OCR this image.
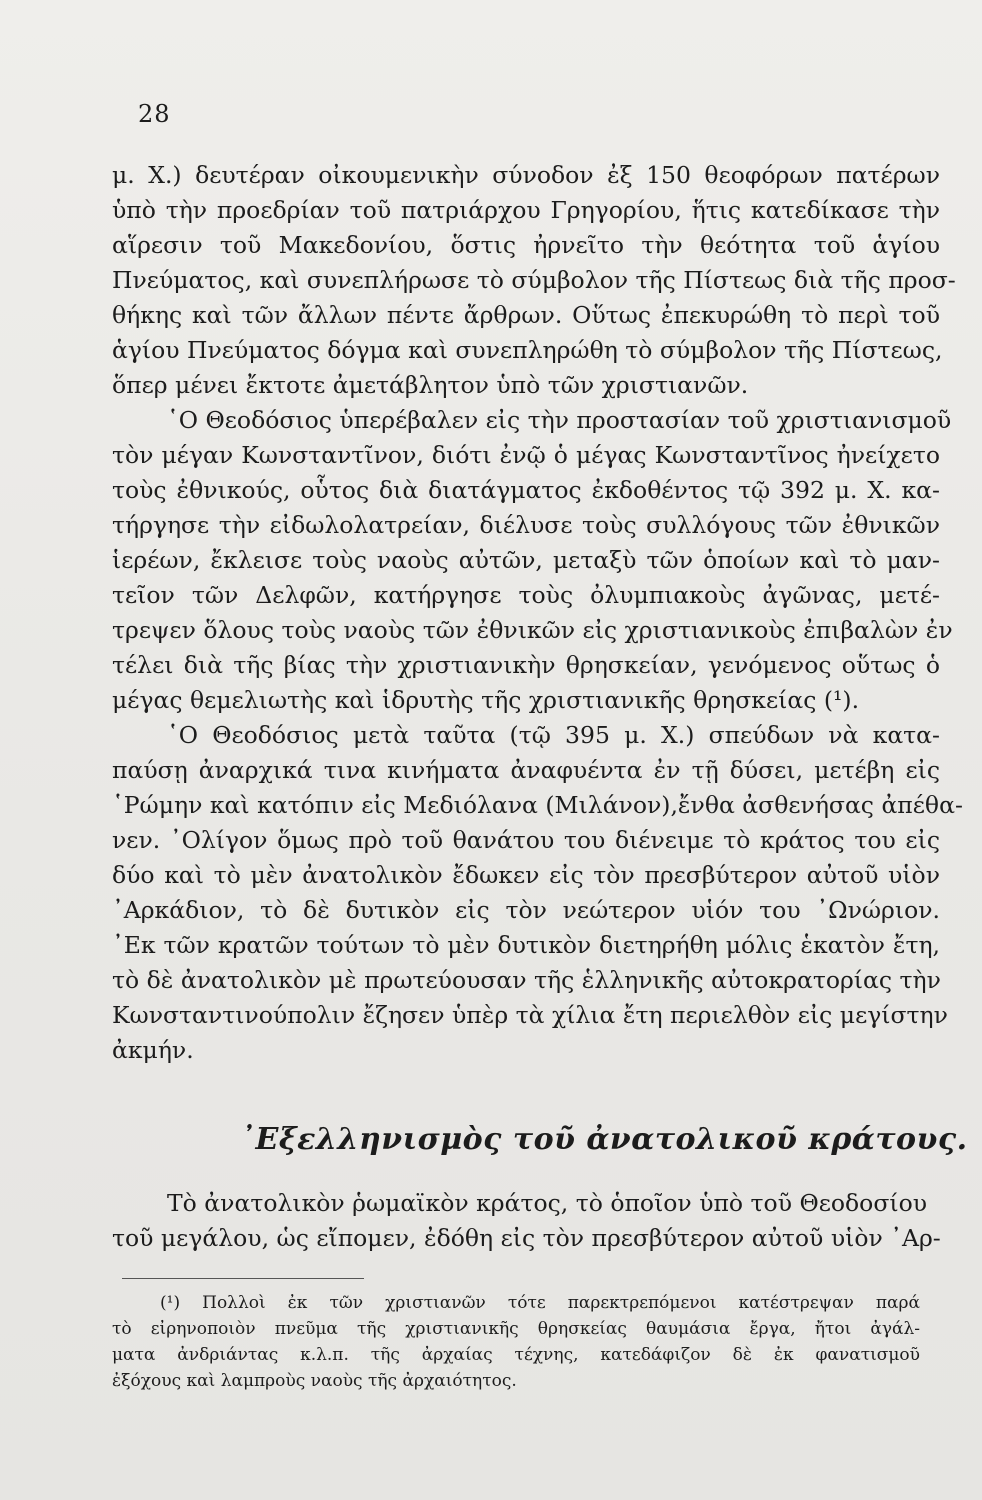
28
μ. Χ.) δευτέραν οἰκουμενικὴν σύνοδον ἐξ 150 θεοφόρων πατέρων
ὑπὸ τὴν προεδρίαν τοῦ πατριάρχου Γρηγορίου, ἥτις κατεδίκασε τὴν
αἵρεσιν τοῦ Μακεδονίου, ὅστις ἠρνεῖτο τὴν θεότητα τοῦ ἁγίου
Πνεύματος, καὶ συνεπλήρωσε τὸ σύμβολον τῆς Πίστεως διὰ τῆς προσ-
θήκης καὶ τῶν ἄλλων πέντε ἄρθρων. Οὕτως ἐπεκυρώθη τὸ περὶ τοῦ
ἁγίου Πνεύματος δόγμα καὶ συνεπληρώθη τὸ σύμβολον τῆς Πίστεως,
ὅπερ μένει ἔκτοτε ἀμετάβλητον ὑπὸ τῶν χριστιανῶν.
῾Ο Θεοδόσιος ὑπερέβαλεν εἰς τὴν προστασίαν τοῦ χριστιανισμοῦ
τὸν μέγαν Κωνσταντῖνον, διότι ἐνῷ ὁ μέγας Κωνσταντῖνος ἠνείχετο
τοὺς ἐθνικούς, οὗτος διὰ διατάγματος ἐκδοθέντος τῷ 392 μ. Χ. κα-
τήργησε τὴν εἰδωλολατρείαν, διέλυσε τοὺς συλλόγους τῶν ἐθνικῶν
ἱερέων, ἔκλεισε τοὺς ναοὺς αὐτῶν, μεταξὺ τῶν ὁποίων καὶ τὸ μαν-
τεῖον τῶν Δελφῶν, κατήργησε τοὺς ὀλυμπιακοὺς ἀγῶνας, μετέ-
τρεψεν ὅλους τοὺς ναοὺς τῶν ἐθνικῶν εἰς χριστιανικοὺς ἐπιβαλὼν ἐν
τέλει διὰ τῆς βίας τὴν χριστιανικὴν θρησκείαν, γενόμενος οὕτως ὁ
μέγας θεμελιωτὴς καὶ ἱδρυτὴς τῆς χριστιανικῆς θρησκείας (¹).
῾Ο Θεοδόσιος μετὰ ταῦτα (τῷ 395 μ. Χ.) σπεύδων νὰ κατα-
παύσῃ ἀναρχικά τινα κινήματα ἀναφυέντα ἐν τῇ δύσει, μετέβη εἰς
῾Ρώμην καὶ κατόπιν εἰς Μεδιόλανα (Μιλάνον),ἔνθα ἀσθενήσας ἀπέθα-
νεν. ᾿Ολίγον ὅμως πρὸ τοῦ θανάτου του διένειμε τὸ κράτος του εἰς
δύο καὶ τὸ μὲν ἀνατολικὸν ἔδωκεν εἰς τὸν πρεσβύτερον αὐτοῦ υἱὸν
᾿Αρκάδιον, τὸ δὲ δυτικὸν εἰς τὸν νεώτερον υἱόν του ᾿Ωνώριον.
᾿Εκ τῶν κρατῶν τούτων τὸ μὲν δυτικὸν διετηρήθη μόλις ἑκατὸν ἔτη,
τὸ δὲ ἀνατολικὸν μὲ πρωτεύουσαν τῆς ἑλληνικῆς αὐτοκρατορίας τὴν
Κωνσταντινούπολιν ἔζησεν ὑπὲρ τὰ χίλια ἔτη περιελθὸν εἰς μεγίστην
ἀκμήν.
᾿Εξελληνισμὸς τοῦ ἀνατολικοῦ κράτους.
Τὸ ἀνατολικὸν ῥωμαϊκὸν κράτος, τὸ ὁποῖον ὑπὸ τοῦ Θεοδοσίου
τοῦ μεγάλου, ὡς εἴπομεν, ἐδόθη εἰς τὸν πρεσβύτερον αὐτοῦ υἱὸν ᾿Αρ-
(¹) Πολλοὶ ἐκ τῶν χριστιανῶν τότε παρεκτρεπόμενοι κατέστρεψαν παρά
τὸ εἰρηνοποιὸν πνεῦμα τῆς χριστιανικῆς θρησκείας θαυμάσια ἔργα, ἤτοι ἀγάλ-
ματα ἀνδριάντας κ.λ.π. τῆς ἀρχαίας τέχνης, κατεδάφιζον δὲ ἐκ φανατισμοῦ
ἐξόχους καὶ λαμπροὺς ναοὺς τῆς ἀρχαιότητος.
